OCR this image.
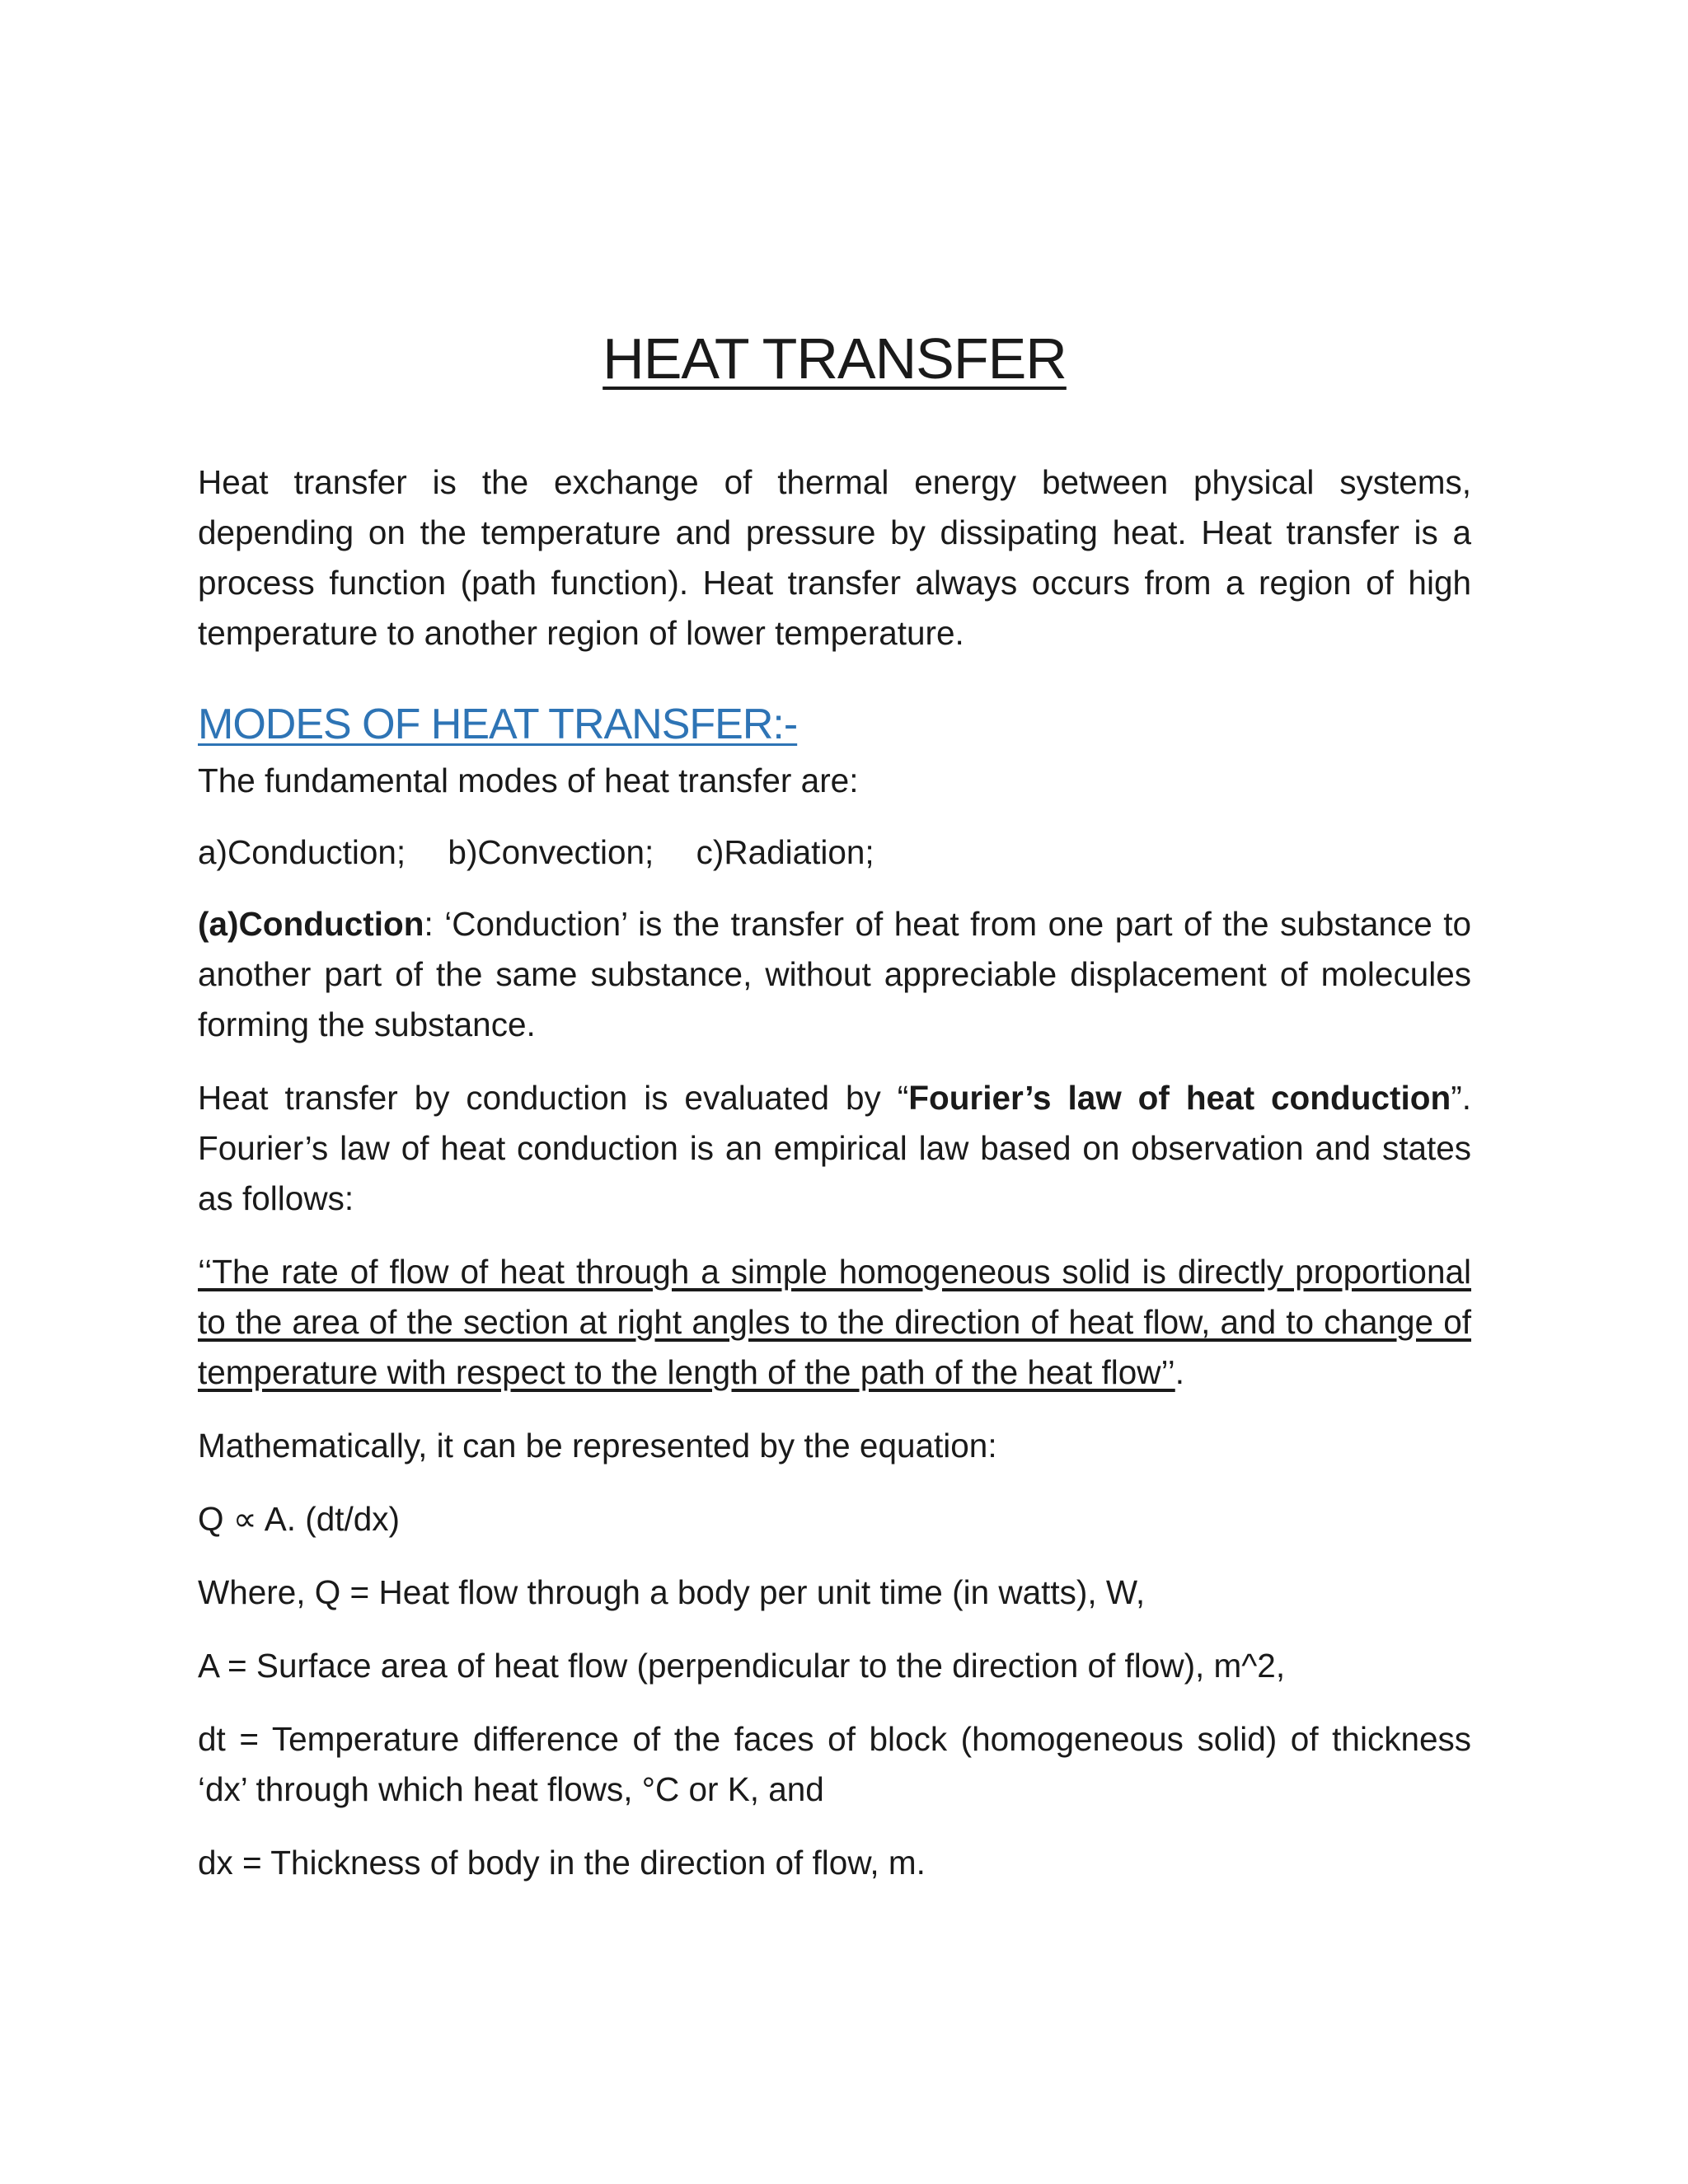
HEAT TRANSFER

Heat transfer is the exchange of thermal energy between physical systems, depending on the temperature and pressure by dissipating heat. Heat transfer is a process function (path function). Heat transfer always occurs from a region of high temperature to another region of lower temperature.

MODES OF HEAT TRANSFER:-

The fundamental modes of heat transfer are:

a)Conduction; b)Convection; c)Radiation;

(a)Conduction: ‘Conduction’ is the transfer of heat from one part of the substance to another part of the same substance, without appreciable displacement of molecules forming the substance.

Heat transfer by conduction is evaluated by “Fourier’s law of heat conduction”. Fourier’s law of heat conduction is an empirical law based on observation and states as follows:

‘‘The rate of flow of heat through a simple homogeneous solid is directly proportional to the area of the section at right angles to the direction of heat flow, and to change of temperature with respect to the length of the path of the heat flow’’.

Mathematically, it can be represented by the equation:

Q ∝ A. (dt/dx)

Where, Q = Heat flow through a body per unit time (in watts), W,

A = Surface area of heat flow (perpendicular to the direction of flow), m^2,

dt = Temperature difference of the faces of block (homogeneous solid) of thickness ‘dx’ through which heat flows, °C or K, and

dx = Thickness of body in the direction of flow, m.
